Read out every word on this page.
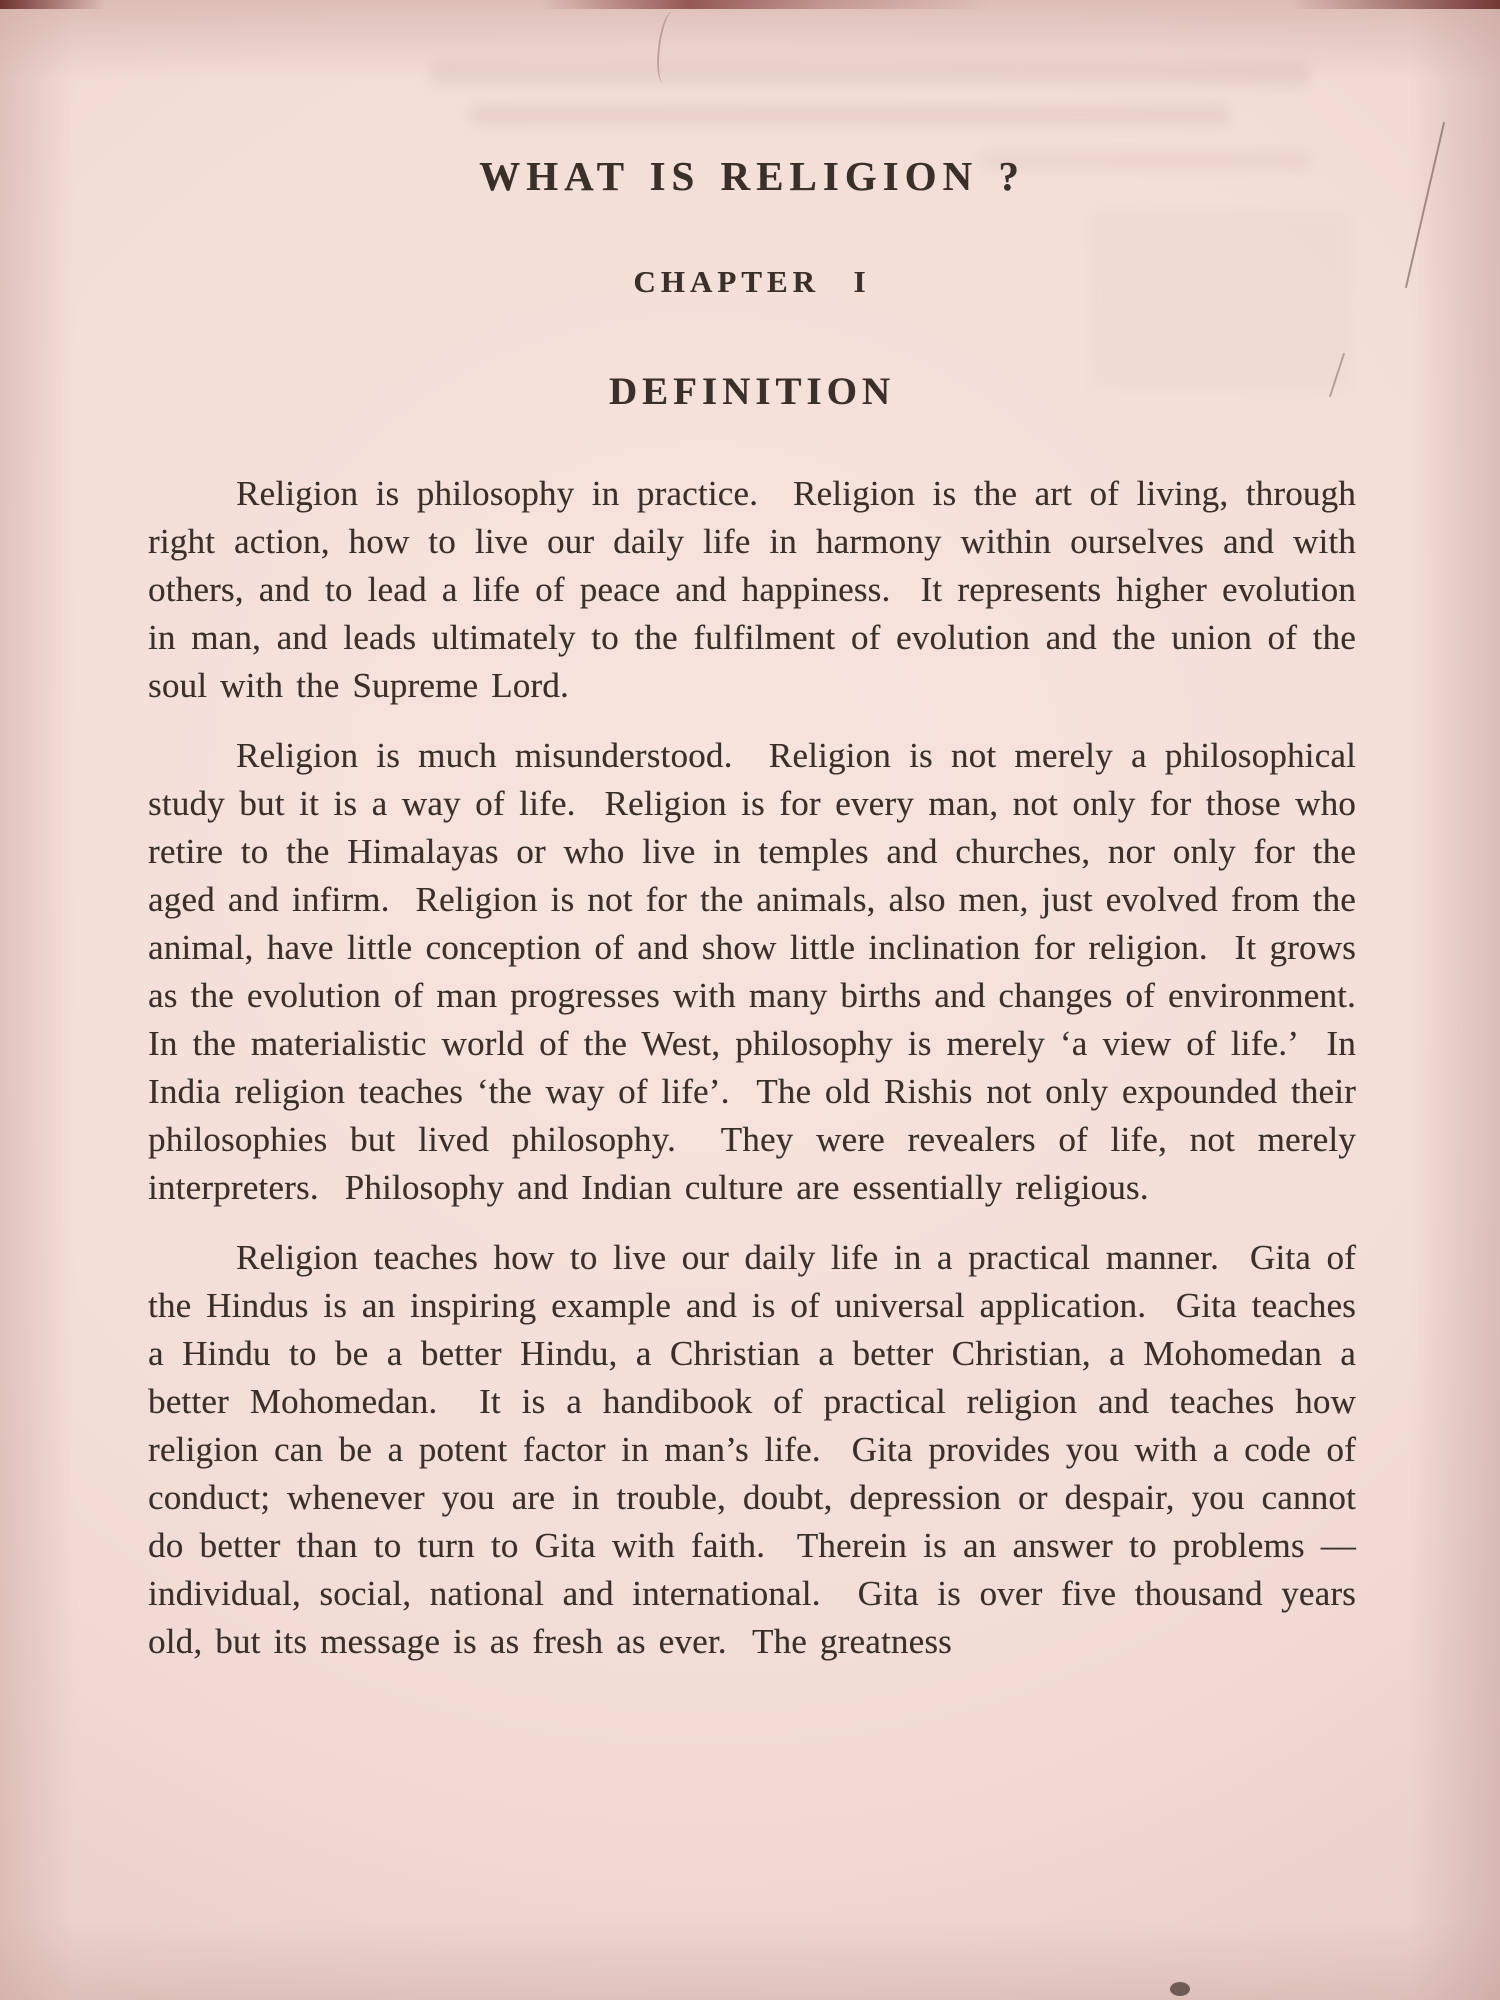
WHAT IS RELIGION ?
CHAPTER  I
DEFINITION

Religion is philosophy in practice.  Religion is the art of living, through right action, how to live our daily life in harmony within ourselves and with others, and to lead a life of peace and happiness.  It represents higher evolution in man, and leads ultimately to the fulfilment of evolution and the union of the soul with the Supreme Lord.

Religion is much misunderstood.  Religion is not merely a philosophical study but it is a way of life.  Religion is for every man, not only for those who retire to the Himalayas or who live in temples and churches, nor only for the aged and infirm.  Religion is not for the animals, also men, just evolved from the animal, have little conception of and show little inclination for religion.  It grows as the evolution of man progresses with many births and changes of environment.  In the materialistic world of the West, philosophy is merely ‘a view of life.’  In India religion teaches ‘the way of life’.  The old Rishis not only expounded their philosophies but lived philosophy.  They were revealers of life, not merely interpreters.  Philosophy and Indian culture are essentially religious.

Religion teaches how to live our daily life in a practical manner.  Gita of the Hindus is an inspiring example and is of universal application.  Gita teaches a Hindu to be a better Hindu, a Christian a better Christian, a Mohomedan a better Mohomedan.  It is a handibook of practical religion and teaches how religion can be a potent factor in man’s life.  Gita provides you with a code of conduct; whenever you are in trouble, doubt, depression or despair, you cannot do better than to turn to Gita with faith.  Therein is an answer to problems — individual, social, national and international.  Gita is over five thousand years old, but its message is as fresh as ever.  The greatness
